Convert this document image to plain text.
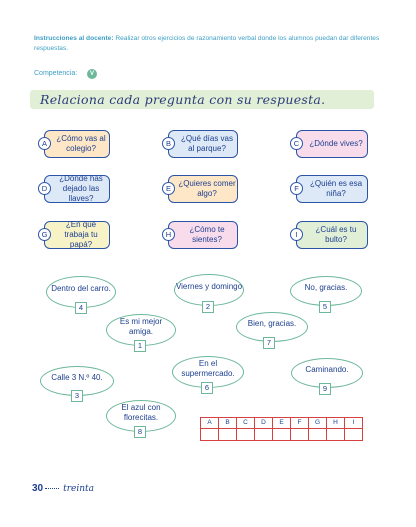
Instrucciones al docente: Realizar otros ejercicios de razonamiento verbal donde los alumnos puedan dar diferentes respuestas.
Competencia:	V
Relaciona cada pregunta con su respuesta.
¿Cómo vas al colegio?
A
¿Qué días vas al parque?
B	¿Dónde vives?
C
¿Dónde has dejado las llaves?
D
¿Quieres comer algo?
E
¿Quién es esa niña?
F
¿En qué trabaja tu papá?
G
¿Cómo te sientes?
H
¿Cuál es tu bulto?
I
Dentro del carro.
4
Viernes y domingo
2
No, gracias.
5
Es mi mejor amiga.
1
Bien, gracias.
7
Calle 3 N.º 40.
3
En el supermercado.
6
Caminando.
9
El azul con florecitas.
8
A	B	C	D	E	F	G	H	I

30 treinta
